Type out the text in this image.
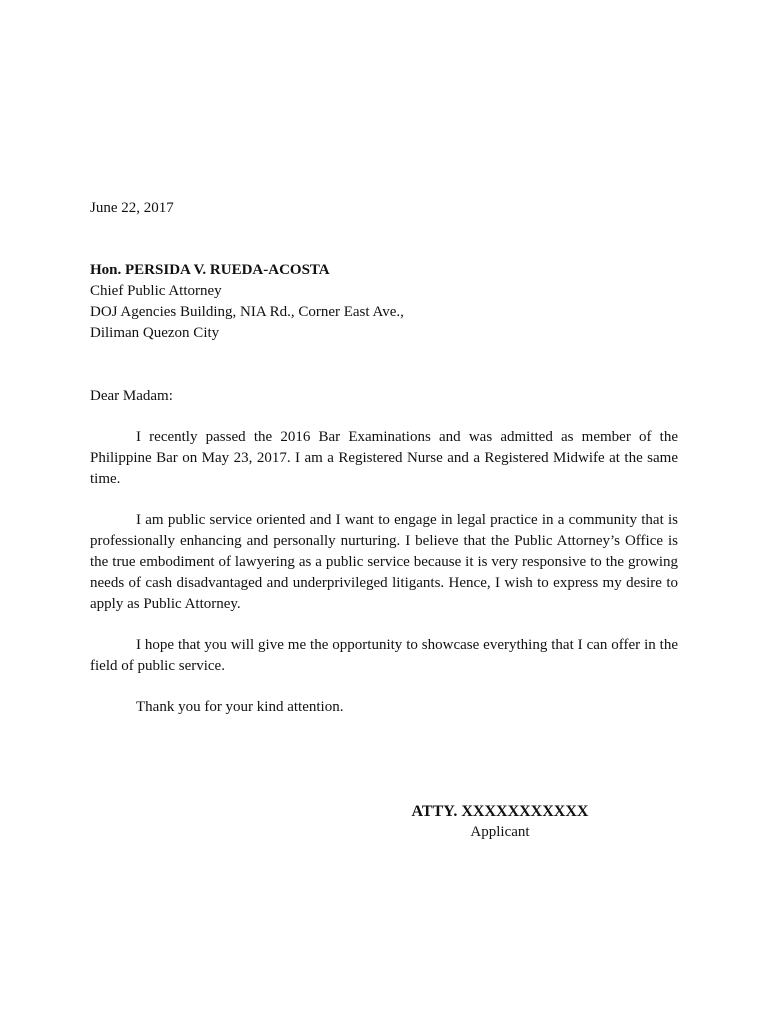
June 22, 2017
Hon. PERSIDA V. RUEDA-ACOSTA
Chief Public Attorney
DOJ Agencies Building, NIA Rd., Corner East Ave.,
Diliman Quezon City
Dear Madam:

I recently passed the 2016 Bar Examinations and was admitted as member of the Philippine Bar on May 23, 2017. I am a Registered Nurse and a Registered Midwife at the same time.

I am public service oriented and I want to engage in legal practice in a community that is professionally enhancing and personally nurturing. I believe that the Public Attorney’s Office is the true embodiment of lawyering as a public service because it is very responsive to the growing needs of cash disadvantaged and underprivileged litigants. Hence, I wish to express my desire to apply as Public Attorney.

I hope that you will give me the opportunity to showcase everything that I can offer in the field of public service.

Thank you for your kind attention.

ATTY. XXXXXXXXXXX
Applicant
